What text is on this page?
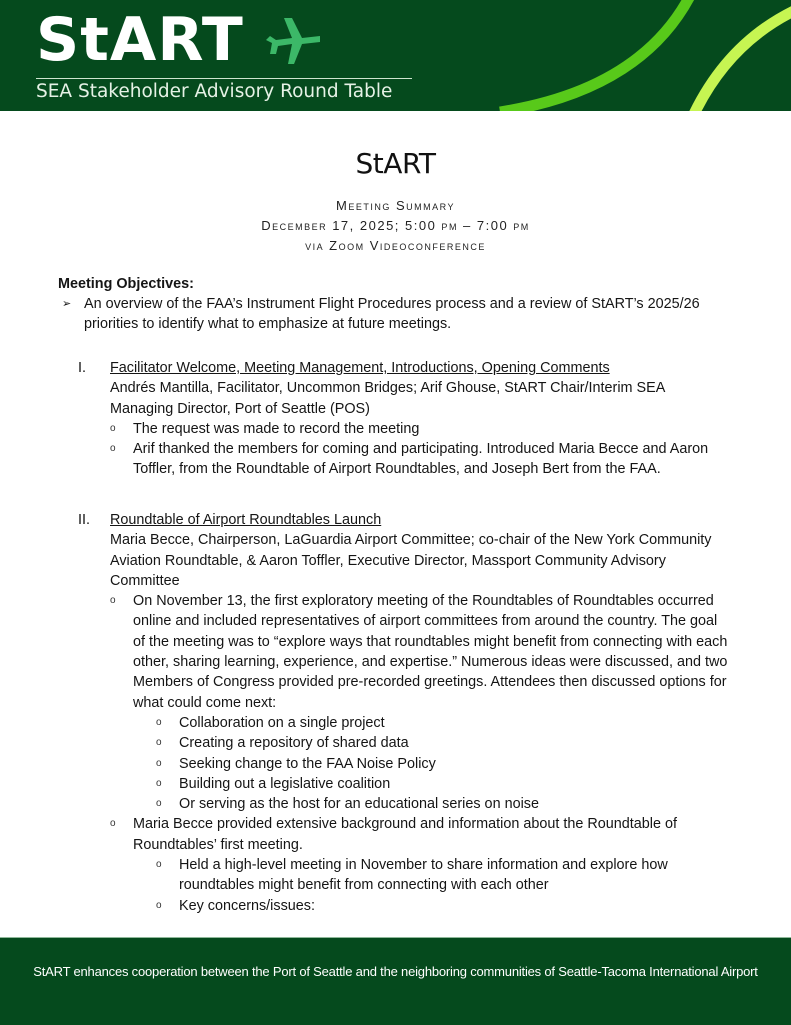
StART
SEA Stakeholder Advisory Round Table
StART
Meeting Summary
December 17, 2025; 5:00 pm – 7:00 pm
via Zoom Videoconference
Meeting Objectives:
➢ An overview of the FAA’s Instrument Flight Procedures process and a review of StART’s 2025/26 priorities to identify what to emphasize at future meetings.
I. Facilitator Welcome, Meeting Management, Introductions, Opening Comments
Andrés Mantilla, Facilitator, Uncommon Bridges; Arif Ghouse, StART Chair/Interim SEA Managing Director, Port of Seattle (POS)
o The request was made to record the meeting
o Arif thanked the members for coming and participating. Introduced Maria Becce and Aaron Toffler, from the Roundtable of Airport Roundtables, and Joseph Bert from the FAA.
II. Roundtable of Airport Roundtables Launch
Maria Becce, Chairperson, LaGuardia Airport Committee; co-chair of the New York Community Aviation Roundtable, & Aaron Toffler, Executive Director, Massport Community Advisory Committee
o On November 13, the first exploratory meeting of the Roundtables of Roundtables occurred online and included representatives of airport committees from around the country. The goal of the meeting was to “explore ways that roundtables might benefit from connecting with each other, sharing learning, experience, and expertise.” Numerous ideas were discussed, and two Members of Congress provided pre-recorded greetings. Attendees then discussed options for what could come next:
o Collaboration on a single project
o Creating a repository of shared data
o Seeking change to the FAA Noise Policy
o Building out a legislative coalition
o Or serving as the host for an educational series on noise
o Maria Becce provided extensive background and information about the Roundtable of Roundtables’ first meeting.
o Held a high-level meeting in November to share information and explore how roundtables might benefit from connecting with each other
o Key concerns/issues:
StART enhances cooperation between the Port of Seattle and the neighboring communities of Seattle-Tacoma International Airport
